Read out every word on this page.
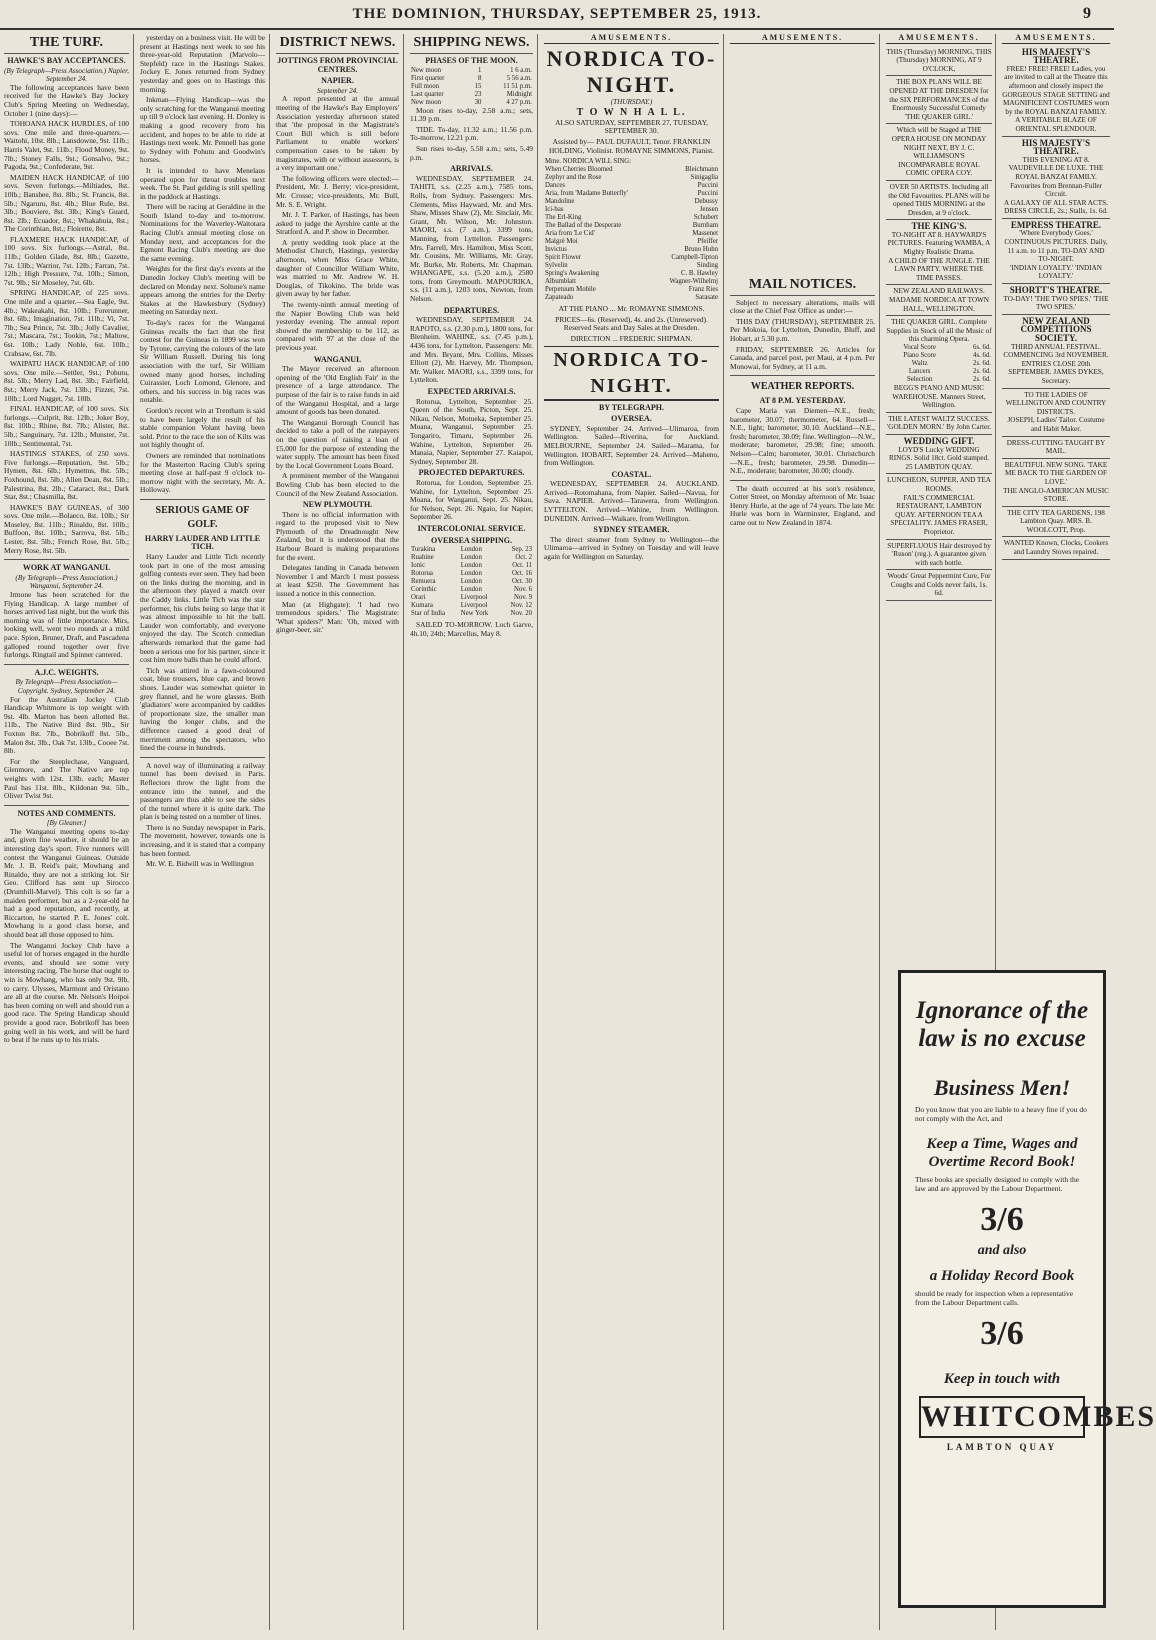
THE DOMINION, THURSDAY, SEPTEMBER 25, 1913.	9
THE TURF.
HAWKE'S BAY ACCEPTANCES.
(By Telegraph—Press Association.) Napier, September 24.

The following acceptances have been received for the Hawke's Bay Jockey Club's Spring Meeting on Wednesday, October 1 (nine days):—

TOHOANA HACK HURDLES, of 100 sovs. One mile and three-quarters.—Waitohi, 10st. 8lb.; Lansdowne, 9st. 11lb.; Harris Valet, 9st. 11lb.; Flood Money, 9st. 7lb.; Stoney Falls, 9st.; Gonsalvo, 9st.; Pagoda, 9st.; Confederate, 9st.

MAIDEN HACK HANDICAP, of 100 sovs. Seven furlongs.—Miltiades, 8st. 10lb.; Banshee, 8st. 8lb.; St. Francis, 8st. 5lb.; Ngaruru, 8st. 4lb.; Blue Rule, 8st. 3lb.; Bouviere, 8st. 3lb.; King's Guard, 8st. 2lb.; Ecuador, 8st.; Whakahuia, 8st.; The Corinthian, 8st.; Floirette, 8st.

FLAXMERE HACK HANDICAP, of 100 sovs. Six furlongs.—Astral, 8st. 11lb.; Golden Glade, 8st. 8lb.; Gazette, 7st. 13lb.; Warrior, 7st. 12lb.; Farran, 7st. 12lb.; High Pressure, 7st. 10lb.; Simon, 7st. 9lb.; Sir Moseley, 7st. 6lb.

SPRING HANDICAP, of 225 sovs. One mile and a quarter.—Sea Eagle, 9st. 4lb.; Wakeakahi, 8st. 10lb.; Forerunner, 8st. 6lb.; Imagination, 7st. 11lb.; Vi, 7st. 7lb.; Sea Prince, 7st. 3lb.; Jolly Cavalier, 7st.; Mascara, 7st.; Tookin, 7st.; Maltow, 6st. 10lb.; Lady Noble, 6st. 10lb.; Crabsaw, 6st. 7lb.

WAIPATU HACK HANDICAP, of 100 sovs. One mile.—Settler, 9st.; Pohutu, 8st. 5lb.; Merry Lad, 8st. 3lb.; Fairfield, 8st.; Merry Jack, 7st. 13lb.; Fizzer, 7st. 10lb.; Lord Nugget, 7st. 10lb.

FINAL HANDICAP, of 100 sovs. Six furlongs.—Culprit, 8st. 12lb.; Joker Boy, 8st. 10lb.; Rhine, 8st. 7lb.; Alister, 8st. 5lb.; Sanguinary, 7st. 12lb.; Munster, 7st. 10lb.; Sentimental, 7st.

HASTINGS STAKES, of 250 sovs. Five furlongs.—Reputation, 9st. 5lb.; Hymen, 8st. 6lb.; Hymettus, 8st. 5lb.; Foxhound, 8st. 5lb.; Allen Dean, 8st. 5lb.; Palestrina, 8st. 2lb.; Cataract, 8st.; Dark Star, 8st.; Chasmilla, 8st.

HAWKE'S BAY GUINEAS, of 300 sovs. One mile.—Bolaeco, 8st. 10lb.; Sir Moseley, 8st. 11lb.; Rinaldo, 8st. 10lb.; Buffoon, 8st. 10lb.; Sarrova, 8st. 5lb.; Lester, 8st. 5lb.; French Rose, 8st. 5lb.; Merry Rose, 8st. 5lb.

WORK AT WANGANUI.
(By Telegraph—Press Association.) Wanganui, September 24.

Irmone has been scratched for the Flying Handicap. A large number of horses arrived last night, but the work this morning was of little importance. Mirs, looking well, went two rounds at a mild pace. Spion, Bruner, Draft, and Pascadena galloped round together over five furlongs. Ringtail and Spinner cantered.

A.J.C. WEIGHTS.
By Telegraph—Press Association—Copyright. Sydney, September 24.

For the Australian Jockey Club Handicap Whitmore is top weight with 9st. 4lb. Marton has been allotted 8st. 11lb., The Native Bird 8st. 9lb., Sir Foxton 8st. 7lb., Bobrikoff 8st. 5lb., Malon 8st. 3lb., Oak 7st. 13lb., Cooee 7st. 8lb.

For the Steeplechase, Vanguard, Glenmore, and The Native are top weights with 12st. 13lb. each; Master Paul has 11st. 8lb., Kildonan 9st. 5lb., Oliver Twist 9st.

NOTES AND COMMENTS.
[By Gleaner.]

The Wanganui meeting opens to-day and, given fine weather, it should be an interesting day's sport. Five runners will contest the Wanganui Guineas. Outside Mr. J. B. Reid's pair, Mowhang and Rinaldo, they are not a striking lot. Sir Geo. Clifford has sent up Sirocco (Drumhill-Marvel). This colt is so far a maiden performer, but as a 2-year-old he had a good reputation, and recently, at Riccarton, he started P. E. Jones' colt. Mowhang is a good class horse, and should beat all those opposed to him.

The Wanganui Jockey Club have a useful lot of horses engaged in the hurdle events, and should see some very interesting racing. The horse that ought to win is Mowhang, who has only 9st. 9lb. to carry. Ulysses, Marmont and Oristano are all at the course. Mr. Nelson's Hoipoi has been coming on well and should run a good race. The Spring Handicap should provide a good race. Bobrikoff has been going well in his work, and will be hard to beat if he runs up to his trials.

yesterday on a business visit. He will be present at Hastings next week to see his three-year-old Reputation (Marvolo—Stepfeld) race in the Hastings Stakes. Jockey E. Jones returned from Sydney yesterday and goes on to Hastings this morning.

Inkman—Flying Handicap—was the only scratching for the Wanganui meeting up till 9 o'clock last evening. H. Donley is making a good recovery from his accident, and hopes to be able to ride at Hastings next week. Mr. Pennell has gone to Sydney with Pohutu and Goodwin's horses.

It is intended to have Menelaus operated upon for throat troubles next week. The St. Paul gelding is still spelling in the paddock at Hastings.

There will be racing at Geraldine in the South Island to-day and to-morrow. Nominations for the Waverley-Waitotara Racing Club's annual meeting close on Monday next, and acceptances for the Egmont Racing Club's meeting are due the same evening.

Weights for the first day's events at the Dunedin Jockey Club's meeting will be declared on Monday next. Soltune's name appears among the entries for the Derby Stakes at the Hawkesbury (Sydney) meeting on Saturday next.

To-day's races for the Wanganui Guineas recalls the fact that the first contest for the Guineas in 1899 was won by Tyrone, carrying the colours of the late Sir William Russell. During his long association with the turf, Sir William owned many good horses, including Cuirassier, Loch Lomond, Glenore, and others, and his success in big races was notable.

Gordon's recent win at Trentham is said to have been largely the result of his stable companion Volant having been sold. Prior to the race the son of Kilts was not highly thought of.

Owners are reminded that nominations for the Masterton Racing Club's spring meeting close at half-past 9 o'clock to-morrow night with the secretary, Mr. A. Holloway.

SERIOUS GAME OF GOLF.
HARRY LAUDER AND LITTLE TICH.

Harry Lauder and Little Tich recently took part in one of the most amusing golfing contests ever seen. They had been on the links during the morning, and in the afternoon they played a match over the Caddy links. Little Tich was the star performer, his clubs being so large that it was almost impossible to hit the ball. Lauder won comfortably, and everyone enjoyed the day. The Scotch comedian afterwards remarked that the game had been a serious one for his partner, since it cost him more balls than he could afford.

Tich was attired in a fawn-coloured coat, blue trousers, blue cap, and brown shoes. Lauder was somewhat quieter in grey flannel, and he wore glasses. Both 'gladiators' were accompanied by caddies of proportionate size, the smaller man having the longer clubs, and the difference caused a good deal of merriment among the spectators, who lined the course in hundreds.

A novel way of illuminating a railway tunnel has been devised in Paris. Reflectors throw the light from the entrance into the tunnel, and the passengers are thus able to see the sides of the tunnel where it is quite dark. The plan is being tested on a number of lines.

There is no Sunday newspaper in Paris. The movement, however, towards one is increasing, and it is stated that a company has been formed.

Mr. W. E. Bidwill was in Wellington

DISTRICT NEWS.
JOTTINGS FROM PROVINCIAL CENTRES.
NAPIER.
September 24.

A report presented at the annual meeting of the Hawke's Bay Employers' Association yesterday afternoon stated that 'the proposal in the Magistrate's Court Bill which is still before Parliament to enable workers' compensation cases to be taken by magistrates, with or without assessors, is a very important one.'

The following officers were elected:—President, Mr. J. Berry; vice-president, Mr. Crosse; vice-presidents, Mr. Bull, Mr. S. E. Wright.

Mr. J. T. Parker, of Hastings, has been asked to judge the Ayrshire cattle at the Stratford A. and P. show in December.

A pretty wedding took place at the Methodist Church, Hastings, yesterday afternoon, when Miss Grace White, daughter of Councillor William White, was married to Mr. Andrew W. H. Douglas, of Tikokino. The bride was given away by her father.

The twenty-ninth annual meeting of the Napier Bowling Club was held yesterday evening. The annual report showed the membership to be 112, as compared with 97 at the close of the previous year.

WANGANUI.

The Mayor received an afternoon opening of the 'Old English Fair' in the presence of a large attendance. The purpose of the fair is to raise funds in aid of the Wanganui Hospital, and a large amount of goods has been donated.

The Wanganui Borough Council has decided to take a poll of the ratepayers on the question of raising a loan of £5,000 for the purpose of extending the water supply. The amount has been fixed by the Local Government Loans Board.

A prominent member of the Wanganui Bowling Club has been elected to the Council of the New Zealand Association.

NEW PLYMOUTH.

There is no official information with regard to the proposed visit to New Plymouth of the Dreadnought New Zealand, but it is understood that the Harbour Board is making preparations for the event.

Delegates landing in Canada between November 1 and March 1 must possess at least $250. The Government has issued a notice in this connection.

Man (at Highgate): 'I had two tremendous spiders.' The Magistrate: 'What spiders?' Man: 'Oh, mixed with ginger-beer, sir.'

SHIPPING NEWS.
PHASES OF THE MOON.
New moon	1	1 6 a.m.
First quarter	8	5 56 a.m.
Full moon	15	11 51 p.m.
Last quarter	23	Midnight
New moon	30	4 27 p.m.

Moon rises to-day, 2.58 a.m.; sets, 11.39 p.m.

TIDE. To-day, 11.32 a.m.; 11.56 p.m. To-morrow, 12.21 p.m.

Sun rises to-day, 5.58 a.m.; sets, 5.49 p.m.

ARRIVALS.

WEDNESDAY, SEPTEMBER 24. TAHITI, s.s. (2.25 a.m.), 7585 tons, Rolls, from Sydney. Passengers: Mrs. Clements, Miss Hayward, Mr. and Mrs. Shaw, Misses Shaw (2), Mr. Sinclair, Mr. Grant, Mr. Wilson, Mr. Johnston. MAORI, s.s. (7 a.m.), 3399 tons, Manning, from Lyttelton. Passengers: Mrs. Farrell, Mrs. Hamilton, Miss Scott, Mr. Cousins, Mr. Williams, Mr. Gray, Mr. Burke, Mr. Roberts, Mr. Chapman. WHANGAPE, s.s. (5.20 a.m.), 2580 tons, from Greymouth. MAPOURIKA, s.s. (11 a.m.), 1203 tons, Newton, from Nelson.

DEPARTURES.

WEDNESDAY, SEPTEMBER 24. RAPOTO, s.s. (2.30 p.m.), 1800 tons, for Blenheim. WAHINE, s.s. (7.45 p.m.), 4436 tons, for Lyttelton. Passengers: Mr. and Mrs. Bryant, Mrs. Collins, Misses Elliott (2), Mr. Harvey, Mr. Thompson, Mr. Walker. MAORI, s.s., 3399 tons, for Lyttelton.

EXPECTED ARRIVALS.

Rotorua, Lyttelton, September 25. Queen of the South, Picton, Sept. 25. Nikau, Nelson, Motueka, September 25. Moana, Wanganui, September 25. Tongariro, Timaru, September 26. Wahine, Lyttelton, September 26. Manaia, Napier, September 27. Kaiapoi, Sydney, September 28.

PROJECTED DEPARTURES.

Rotorua, for London, September 25. Wahine, for Lyttelton, September 25. Moana, for Wanganui, Sept. 25. Nikau, for Nelson, Sept. 26. Ngaio, for Napier, September 26.

INTERCOLONIAL SERVICE.
OVERSEA SHIPPING.
Turakina	London	Sep. 23
Ruahine	London	Oct. 2
Ionic	London	Oct. 11
Rotorua	London	Oct. 16
Remuera	London	Oct. 30
Corinthic	London	Nov. 6
Orari	Liverpool	Nov. 9
Kumara	Liverpool	Nov. 12
Star of India	New York	Nov. 20

SAILED TO-MORROW. Loch Garve, 4h.10, 24th; Marcellus, May 8.

AMUSEMENTS.
NORDICA TO-NIGHT.
(THURSDAY.)
T O W N H A L L.

ALSO SATURDAY, SEPTEMBER 27, TUESDAY, SEPTEMBER 30.

Assisted by— PAUL DUFAULT, Tenor. FRANKLIN HOLDING, Violinist. ROMAYNE SIMMONS, Pianist.

Mme. NORDICA WILL SING:	
When Cherries Bloomed	Bleichmann
Zephyr and the Rose	Sinigaglia
Dances	Puccini
Aria, from 'Madame Butterfly'	Puccini
Mandoline	Debussy
Ici-bas	Jensen
The Erl-King	Schubert
The Ballad of the Desperate	Burnham
Aria from 'Le Cid'	Massenet
Malgré Moi	Pfeiffer
Invictus	Bruno Huhn
Spirit Flower	Campbell-Tipton
Sylvelin	Sinding
Spring's Awakening	C. B. Hawley
Albumblatt	Wagner-Wilhelmj
Perpetuum Mobile	Franz Ries
Zapateado	Sarasate

AT THE PIANO ... Mr. ROMAYNE SIMMONS.

PRICES—6s. (Reserved), 4s. and 2s. (Unreserved). Reserved Seats and Day Sales at the Dresden.

DIRECTION ... FREDERIC SHIPMAN.

NORDICA TO-NIGHT.
BY TELEGRAPH.
OVERSEA.

SYDNEY, September 24. Arrived—Ulimaroa, from Wellington. Sailed—Riverina, for Auckland. MELBOURNE, September 24. Sailed—Marama, for Wellington. HOBART, September 24. Arrived—Maheno, from Wellington.

COASTAL.

WEDNESDAY, SEPTEMBER 24. AUCKLAND. Arrived—Rotomahana, from Napier. Sailed—Navua, for Suva. NAPIER. Arrived—Tarawera, from Wellington. LYTTELTON. Arrived—Wahine, from Wellington. DUNEDIN. Arrived—Waikare, from Wellington.

SYDNEY STEAMER.

The direct steamer from Sydney to Wellington—the Ulimaroa—arrived in Sydney on Tuesday and will leave again for Wellington on Saturday.

AMUSEMENTS.
MAIL NOTICES.

Subject to necessary alterations, mails will close at the Chief Post Office as under:—

THIS DAY (THURSDAY), SEPTEMBER 25. Per Mokoia, for Lyttelton, Dunedin, Bluff, and Hobart, at 5.30 p.m.

FRIDAY, SEPTEMBER 26. Articles for Canada, and parcel post, per Maui, at 4 p.m. Per Monowai, for Sydney, at 11 a.m.

WEATHER REPORTS.
AT 8 P.M. YESTERDAY.

Cape Maria van Diemen—N.E., fresh; barometer, 30.07; thermometer, 64. Russell—N.E., light; barometer, 30.10. Auckland—N.E., fresh; barometer, 30.09; fine. Wellington—N.W., moderate; barometer, 29.98; fine; smooth. Nelson—Calm; barometer, 30.01. Christchurch—N.E., fresh; barometer, 29.98. Dunedin—N.E., moderate; barometer, 30.00; cloudy.

The death occurred at his son's residence, Cotter Street, on Monday afternoon of Mr. Isaac Henry Hurle, at the age of 74 years. The late Mr. Hurle was born in Warminster, England, and came out to New Zealand in 1874.

AMUSEMENTS.
THIS (Thursday) MORNING, THIS (Thursday) MORNING, AT 9 O'CLOCK,
THE BOX PLANS WILL BE OPENED AT THE DRESDEN for the SIX PERFORMANCES of the Enormously Successful Comedy 'THE QUAKER GIRL.'
Which will be Staged at THE OPERA HOUSE ON MONDAY NIGHT NEXT, BY J. C. WILLIAMSON'S INCOMPARABLE ROYAL COMIC OPERA COY.
OVER 50 ARTISTS. Including all the Old Favourites. PLANS will be opened THIS MORNING at the Dresden, at 9 o'clock.
THE KING'S.
TO-NIGHT AT 8. HAYWARD'S PICTURES. Featuring WAMBA, A Mighty Realistic Drama.
A CHILD OF THE JUNGLE. THE LAWN PARTY. WHERE THE TIME PASSES.
NEW ZEALAND RAILWAYS. MADAME NORDICA AT TOWN HALL, WELLINGTON.
THE QUAKER GIRL. Complete Supplies in Stock of all the Music of this charming Opera.
Vocal Score	6s. 6d.
Piano Score	4s. 6d.
Waltz	2s. 6d.
Lancers	2s. 6d.
Selection	2s. 6d.
BEGG'S PIANO AND MUSIC WAREHOUSE. Manners Street, Wellington.
THE LATEST WALTZ SUCCESS. 'GOLDEN MORN.' By John Carter.
WEDDING GIFT.
LOYD'S Lucky WEDDING RINGS. Solid 18ct. Gold stamped. 25 LAMBTON QUAY.
LUNCHEON, SUPPER, AND TEA ROOMS.
FAIL'S COMMERCIAL RESTAURANT, LAMBTON QUAY. AFTERNOON TEA A SPECIALITY. JAMES FRASER, Proprietor.
SUPERFLUOUS Hair destroyed by 'Ruson' (reg.). A guarantee given with each bottle.
Woods' Great Peppermint Cure, For Coughs and Colds never fails, 1s. 6d.
AMUSEMENTS.
HIS MAJESTY'S THEATRE.
FREE! FREE! FREE! Ladies, you are invited to call at the Theatre this afternoon and closely inspect the GORGEOUS STAGE SETTING and MAGNIFICENT COSTUMES worn by the ROYAL BANZAI FAMILY.
A VERITABLE BLAZE OF ORIENTAL SPLENDOUR.
HIS MAJESTY'S THEATRE.
THIS EVENING AT 8. VAUDEVILLE DE LUXE. THE ROYAL BANZAI FAMILY. Favourites from Brennan-Fuller Circuit.
A GALAXY OF ALL STAR ACTS. DRESS CIRCLE, 2s.; Stalls, 1s. 6d.
EMPRESS THEATRE.
'Where Everybody Goes.' CONTINUOUS PICTURES. Daily, 11 a.m. to 11 p.m. TO-DAY AND TO-NIGHT.
'INDIAN LOYALTY.' 'INDIAN LOYALTY.'
SHORTT'S THEATRE.
TO-DAY! 'THE TWO SPIES.' 'THE TWO SPIES.'
NEW ZEALAND COMPETITIONS SOCIETY.
THIRD ANNUAL FESTIVAL. COMMENCING 3rd NOVEMBER. ENTRIES CLOSE 20th SEPTEMBER. JAMES DYKES, Secretary.
TO THE LADIES OF WELLINGTON AND COUNTRY DISTRICTS.
JOSEPH, Ladies' Tailor. Costume and Habit Maker.
DRESS-CUTTING TAUGHT BY MAIL.
BEAUTIFUL NEW SONG. 'TAKE ME BACK TO THE GARDEN OF LOVE.'
THE ANGLO-AMERICAN MUSIC STORE.
THE CITY TEA GARDENS, 198 Lambton Quay. MRS. B. WOOLCOTT, Prop.
WANTED Known, Clocks, Cookers and Laundry Stoves repaired.
Ignorance of the law is no excuse
Business Men!
Do you know that you are liable to a heavy fine if you do not comply with the Act, and
Keep a Time, Wages and Overtime Record Book!
These books are specially designed to comply with the law and are approved by the Labour Department.
3/6
and also
a Holiday Record Book
should be ready for inspection when a representative from the Labour Department calls.
3/6
Keep in touch with
WHITCOMBES
LAMBTON QUAY
